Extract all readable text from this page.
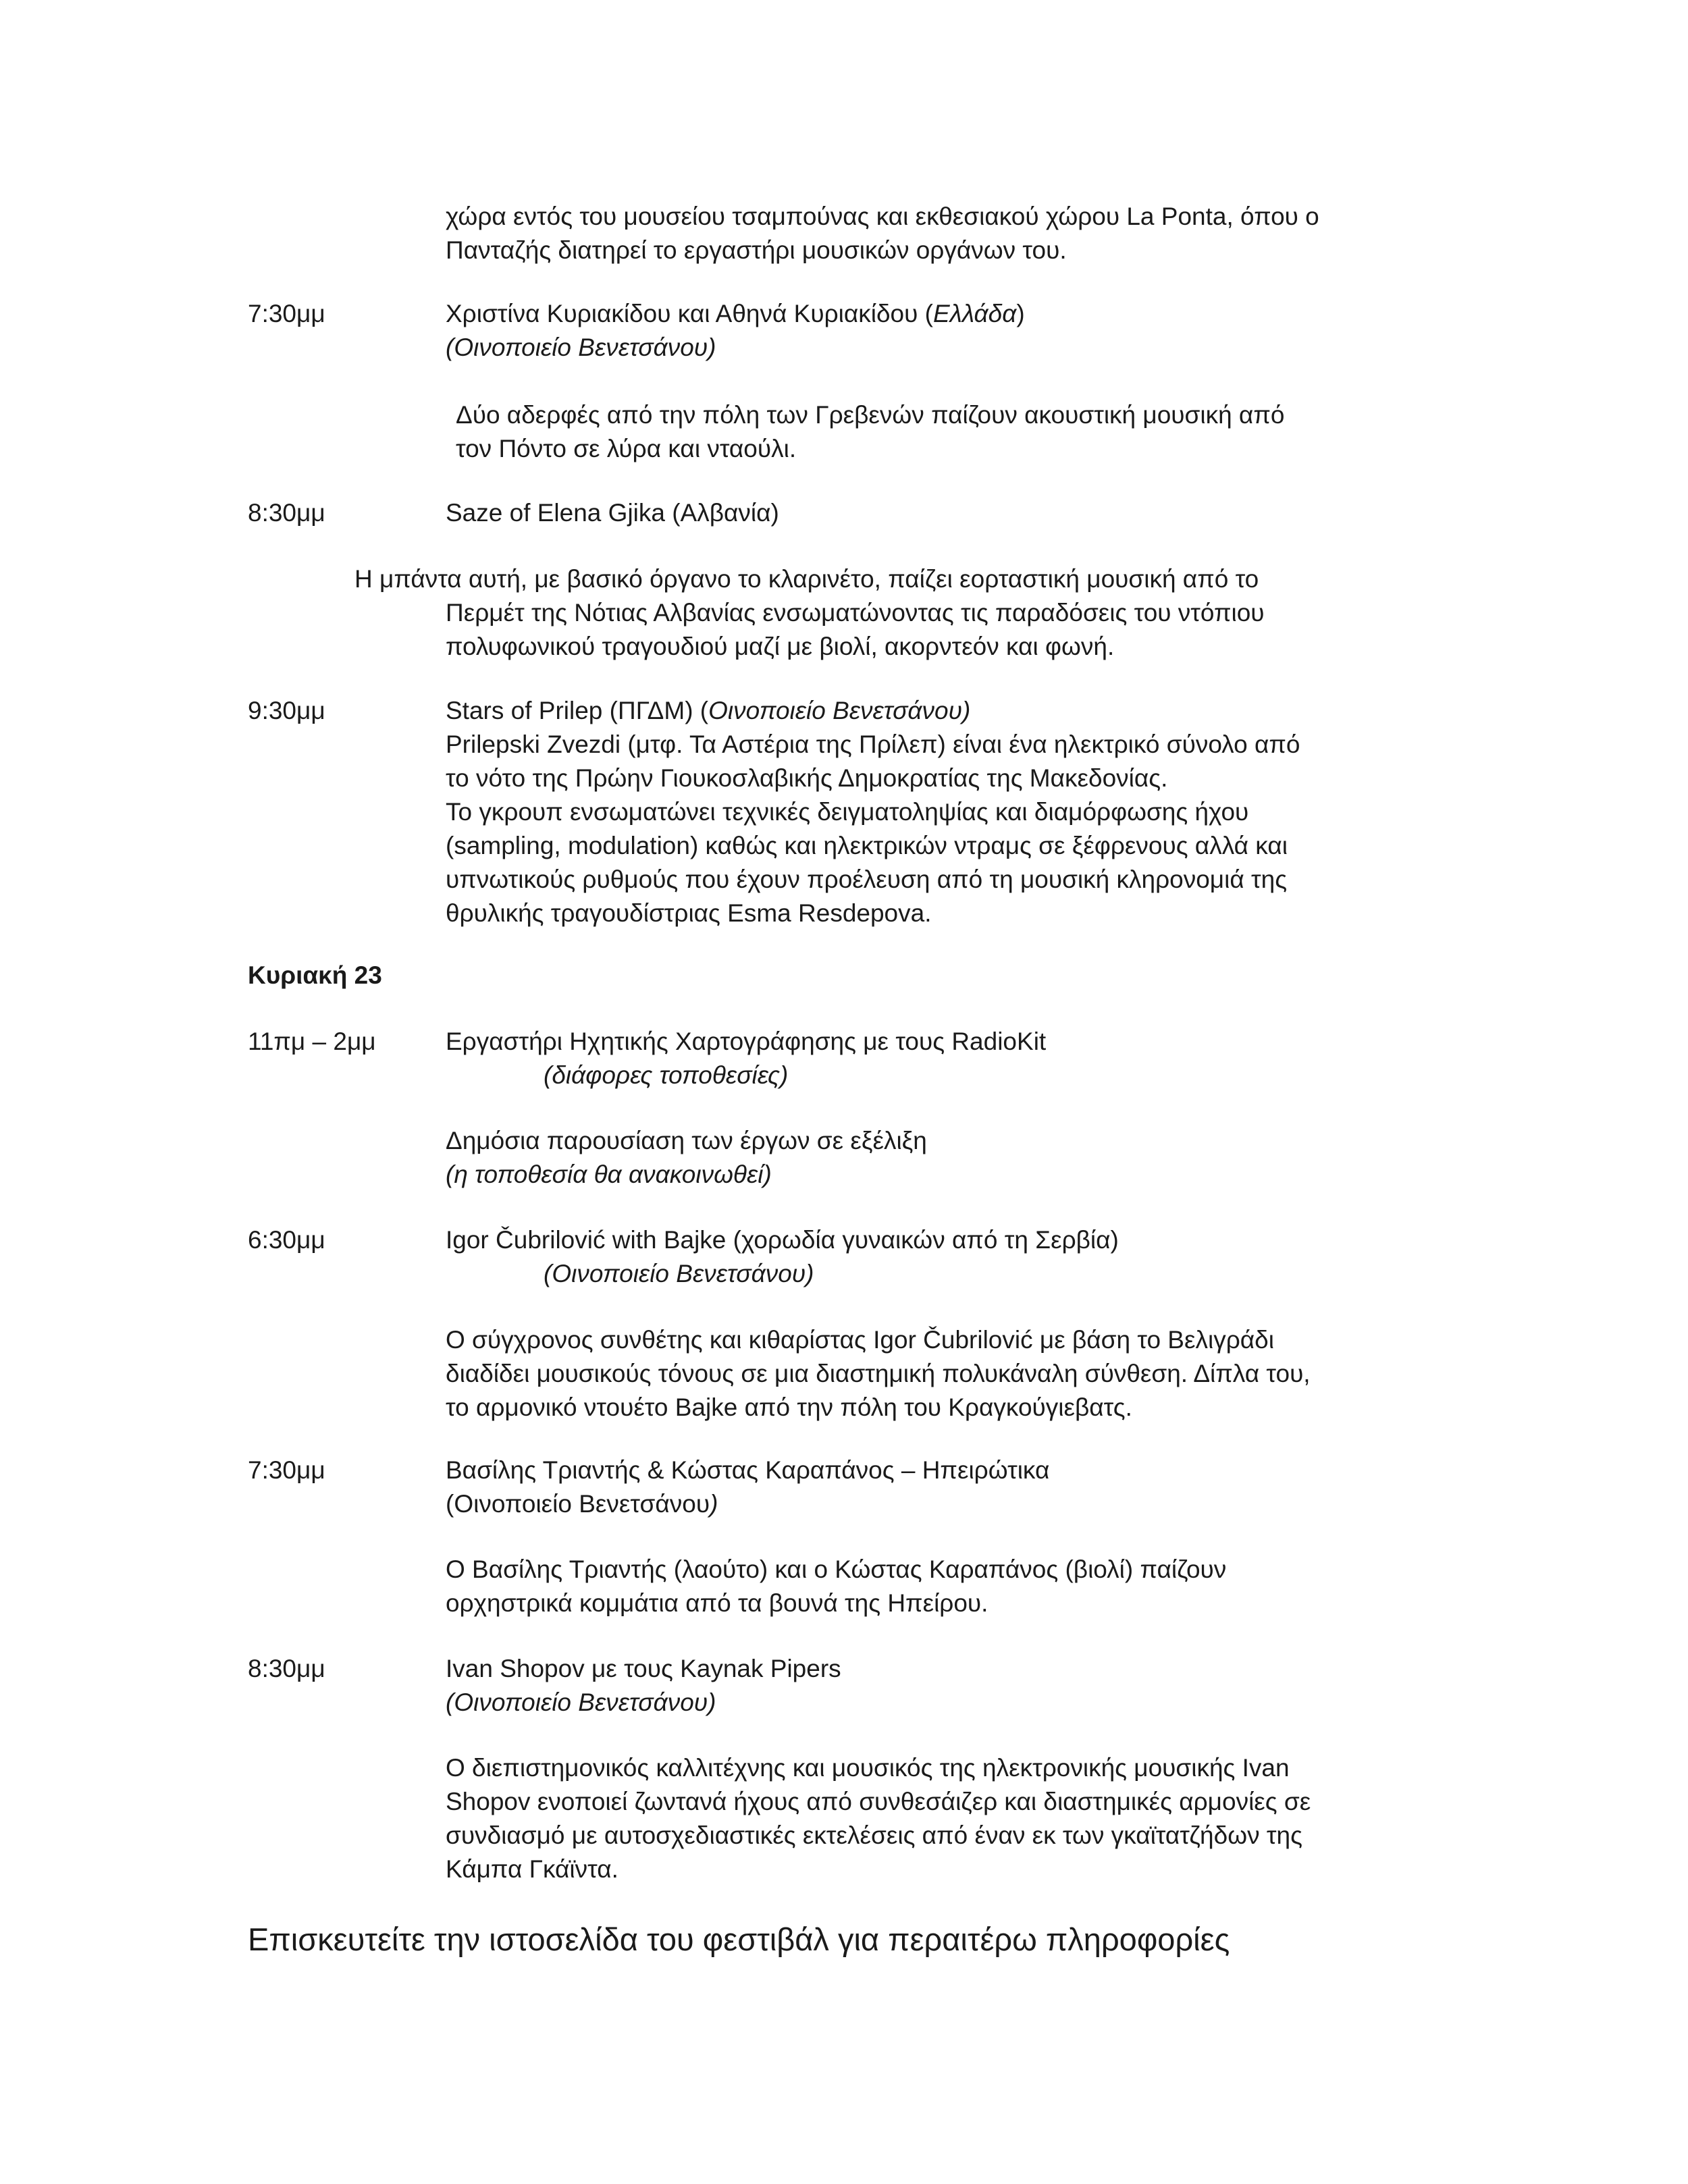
χώρα εντός του μουσείου τσαμπούνας και εκθεσιακού χώρου La Ponta, όπου ο
Πανταζής διατηρεί το εργαστήρι μουσικών οργάνων του.
7:30μμ	Χριστίνα Κυριακίδου και Αθηνά Κυριακίδου (Ελλάδα)
(Οινοποιείο Βενετσάνου)
Δύο αδερφές από την πόλη των Γρεβενών παίζουν ακουστική μουσική από
τον Πόντο σε λύρα και νταούλι.
8:30μμ	Saze of Elena Gjika (Αλβανία)
Η μπάντα αυτή, με βασικό όργανο το κλαρινέτο, παίζει εορταστική μουσική από το
Περμέτ της Νότιας Αλβανίας ενσωματώνοντας τις παραδόσεις του ντόπιου
πολυφωνικού τραγουδιού μαζί με βιολί, ακορντεόν και φωνή.
9:30μμ	Stars of Prilep (ΠΓΔΜ) (Οινοποιείο Βενετσάνου)
Prilepski Zvezdi (μτφ. Τα Αστέρια της Πρίλεπ) είναι ένα ηλεκτρικό σύνολο από
το νότο της Πρώην Γιουκοσλαβικής Δημοκρατίας της Μακεδονίας.
Το γκρουπ ενσωματώνει τεχνικές δειγματοληψίας και διαμόρφωσης ήχου
(sampling, modulation) καθώς και ηλεκτρικών ντραμς σε ξέφρενους αλλά και
υπνωτικούς ρυθμούς που έχουν προέλευση από τη μουσική κληρονομιά της
θρυλικής τραγουδίστριας Esma Resdepova.
Κυριακή 23
11πμ – 2μμ	Εργαστήρι Ηχητικής Χαρτογράφησης με τους RadioKit
(διάφορες τοποθεσίες)
Δημόσια παρουσίαση των έργων σε εξέλιξη
(η τοποθεσία θα ανακοινωθεί)
6:30μμ	Igor Čubrilović with Bajke (χορωδία γυναικών από τη Σερβία)
(Οινοποιείο Βενετσάνου)
Ο σύγχρονος συνθέτης και κιθαρίστας Igor Čubrilović με βάση το Βελιγράδι
διαδίδει μουσικούς τόνους σε μια διαστημική πολυκάναλη σύνθεση. Δίπλα του,
το αρμονικό ντουέτο Bajke από την πόλη του Κραγκούγιεβατς.
7:30μμ	Βασίλης Τριαντής & Κώστας Καραπάνος – Ηπειρώτικα
(Οινοποιείο Βενετσάνου)
Ο Βασίλης Τριαντής (λαούτο) και ο Κώστας Καραπάνος (βιολί) παίζουν
ορχηστρικά κομμάτια από τα βουνά της Ηπείρου.
8:30μμ	Ivan Shopov με τους Kaynak Pipers
(Οινοποιείο Βενετσάνου)
Ο διεπιστημονικός καλλιτέχνης και μουσικός της ηλεκτρονικής μουσικής Ivan
Shopov ενοποιεί ζωντανά ήχους από συνθεσάιζερ και διαστημικές αρμονίες σε
συνδιασμό με αυτοσχεδιαστικές εκτελέσεις από έναν εκ των γκαϊτατζήδων της
Κάμπα Γκάϊντα.
Επισκευτείτε την ιστοσελίδα του φεστιβάλ για περαιτέρω πληροφορίες
